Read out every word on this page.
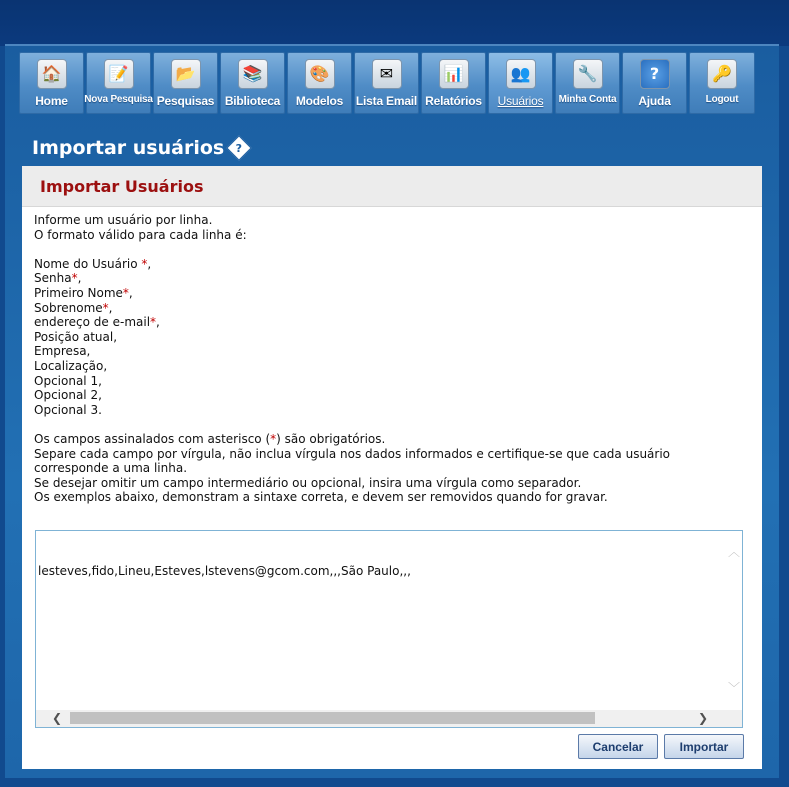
🏠
Home
📝
Nova Pesquisa
📂
Pesquisas
📚
Biblioteca
🎨
Modelos
✉
Lista Email
📊
Relatórios
👥
Usuários
🔧
Minha Conta
?
Ajuda
🔑
Logout
Importar usuários ?
Importar Usuários

Informe um usuário por linha.

O formato válido para cada linha é:

Nome do Usuário *,

Senha*,

Primeiro Nome*,

Sobrenome*,

endereço de e-mail*,

Posição atual,

Empresa,

Localização,

Opcional 1,

Opcional 2,

Opcional 3.

Os campos assinalados com asterisco (*) são obrigatórios.

Separe cada campo por vírgula, não inclua vírgula nos dados informados e certifique-se que cada usuário

corresponde a uma linha.

Se desejar omitir um campo intermediário ou opcional, insira uma vírgula como separador.

Os exemplos abaixo, demonstram a sintaxe correta, e devem ser removidos quando for gravar.

lesteves,fido,Lineu,Esteves,lstevens@gcom.com,,,São Paulo,,,
︿
﹀
❮	❯
Cancelar	Importar
